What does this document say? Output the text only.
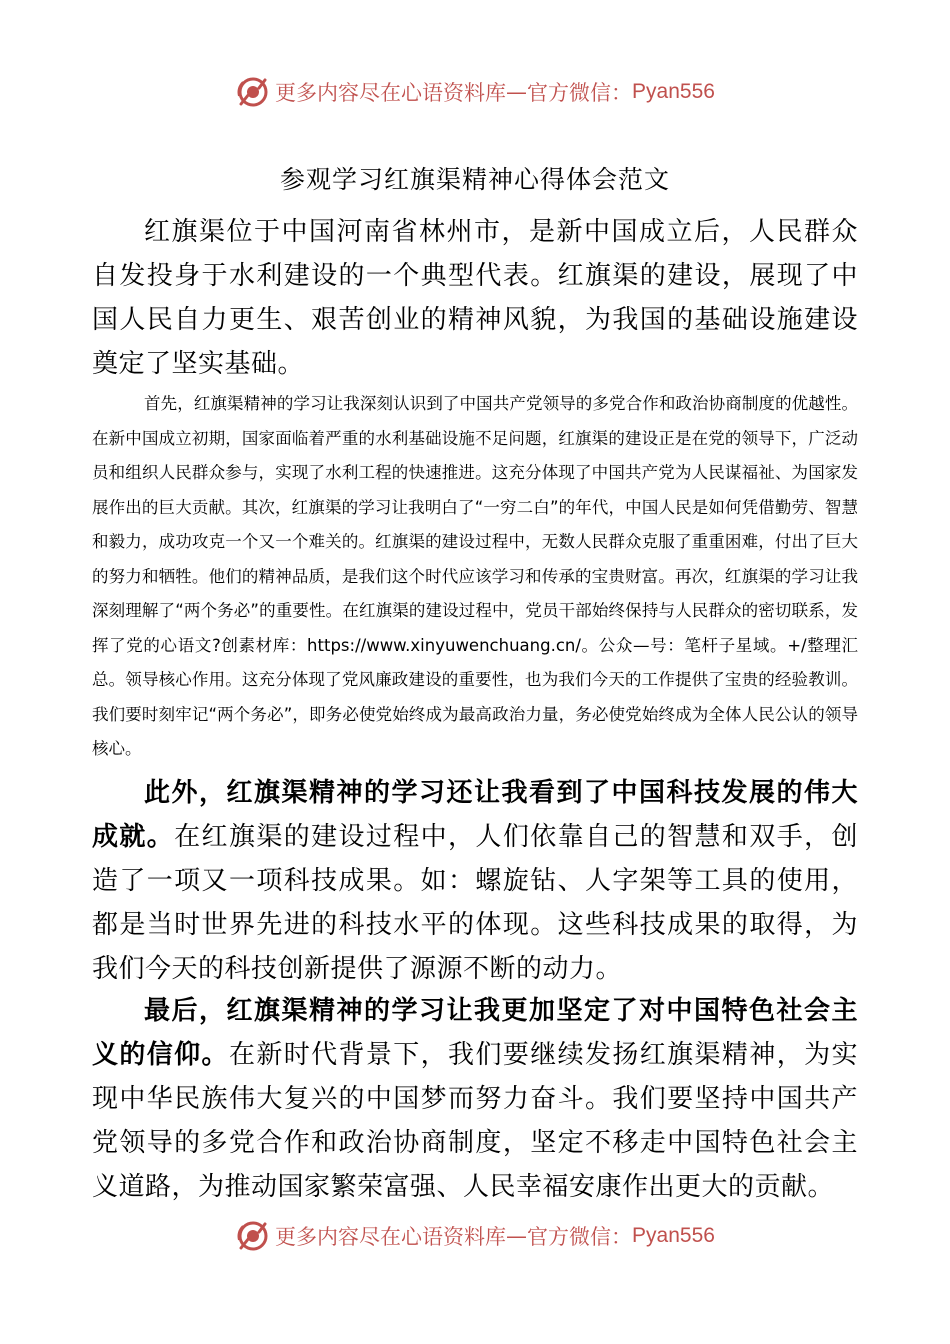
更多内容尽在心语资料库 — 官方微信： Pyan556
参观学习红旗渠精神心得体会范文

红旗渠位于中国河南省林州市，是新中国成立后，人民群众自发投身于水利建设的一个典型代表。红旗渠的建设，展现了中国人民自力更生、艰苦创业的精神风貌，为我国的基础设施建设奠定了坚实基础。

首先，红旗渠精神的学习让我深刻认识到了中国共产党领导的多党合作和政治协商制度的优越性。在新中国成立初期，国家面临着严重的水利基础设施不足问题，红旗渠的建设正是在党的领导下，广泛动员和组织人民群众参与，实现了水利工程的快速推进。这充分体现了中国共产党为人民谋福祉、为国家发展作出的巨大贡献。其次，红旗渠的学习让我明白了“一穷二白”的年代，中国人民是如何凭借勤劳、智慧和毅力，成功攻克一个又一个难关的。红旗渠的建设过程中，无数人民群众克服了重重困难，付出了巨大的努力和牺牲。他们的精神品质，是我们这个时代应该学习和传承的宝贵财富。再次，红旗渠的学习让我深刻理解了“两个务必”的重要性。在红旗渠的建设过程中，党员干部始终保持与人民群众的密切联系，发挥了党的心语文?创素材库：https://www.xinyuwenchuang.cn/。公众—号：笔杆子星域。+/整理汇总。领导核心作用。这充分体现了党风廉政建设的重要性，也为我们今天的工作提供了宝贵的经验教训。我们要时刻牢记“两个务必”，即务必使党始终成为最高政治力量，务必使党始终成为全体人民公认的领导核心。

此外，红旗渠精神的学习还让我看到了中国科技发展的伟大成就。在红旗渠的建设过程中，人们依靠自己的智慧和双手，创造了一项又一项科技成果。如：螺旋钻、人字架等工具的使用，都是当时世界先进的科技水平的体现。这些科技成果的取得，为我们今天的科技创新提供了源源不断的动力。

最后，红旗渠精神的学习让我更加坚定了对中国特色社会主义的信仰。在新时代背景下，我们要继续发扬红旗渠精神，为实现中华民族伟大复兴的中国梦而努力奋斗。我们要坚持中国共产党领导的多党合作和政治协商制度，坚定不移走中国特色社会主义道路，为推动国家繁荣富强、人民幸福安康作出更大的贡献。

更多内容尽在心语资料库 — 官方微信： Pyan556
